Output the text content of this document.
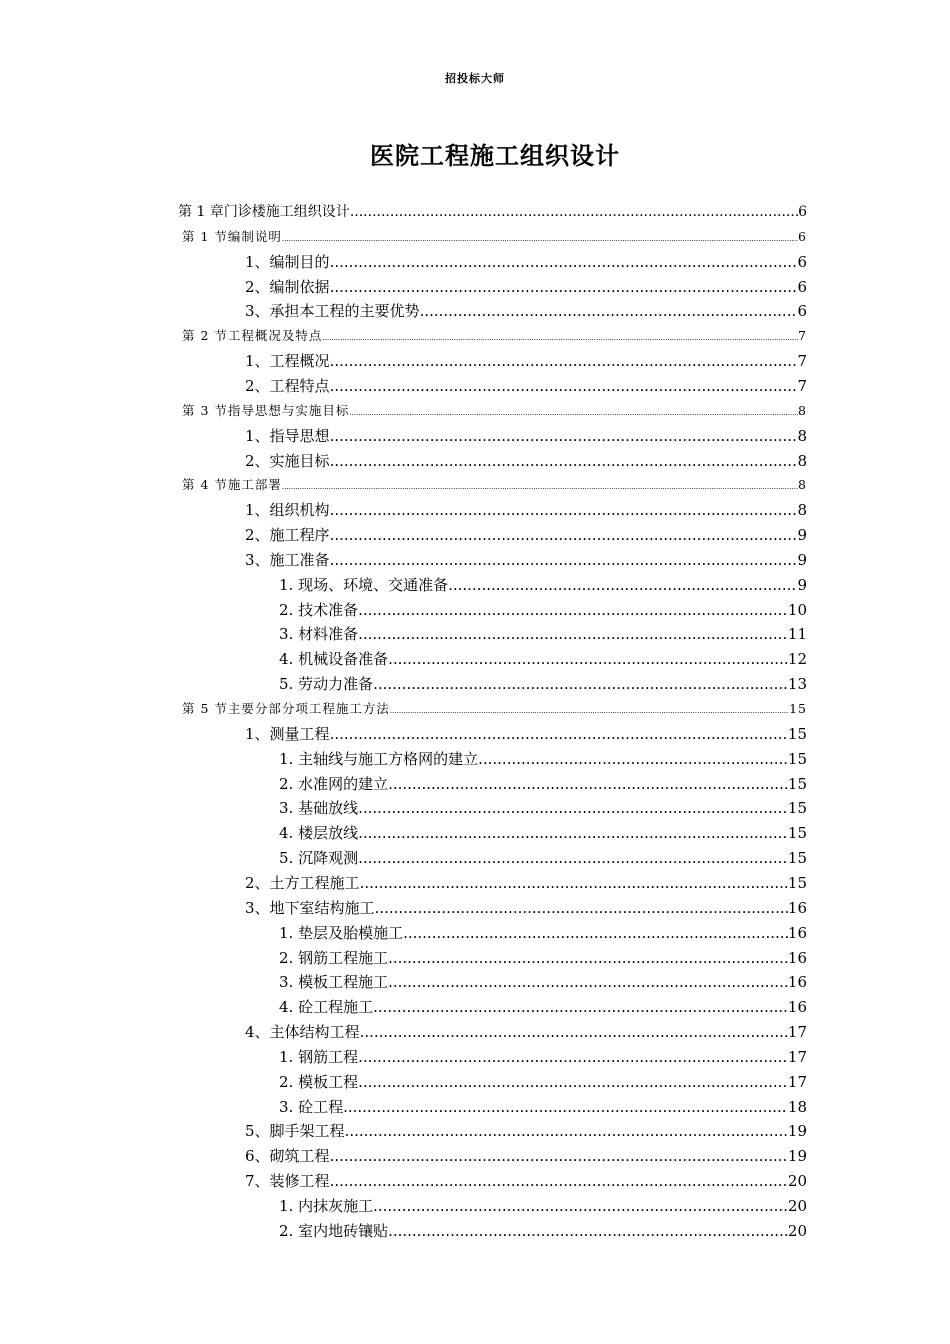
招投标大师
医院工程施工组织设计
第 1 章 门诊楼施工组织设计 .....	6
第 1 节 编制说明 .....	6
1、 编制目的 .....	6
2、 编制依据 .....	6
3、 承担本工程的主要优势 .....	6
第 2 节 工程概况及特点 .....	7
1、 工程概况 .....	7
2、 工程特点 .....	7
第 3 节 指导思想与实施目标 .....	8
1、 指导思想 .....	8
2、 实施目标 .....	8
第 4 节 施工部署 .....	8
1、 组织机构 .....	8
2、 施工程序 .....	9
3、 施工准备 .....	9
1. 现场、环境、交通准备 .....	9
2. 技术准备 .....	10
3. 材料准备 .....	11
4. 机械设备准备 .....	12
5. 劳动力准备 .....	13
第 5 节 主要分部分项工程施工方法 .....	15
1、 测量工程 .....	15
1. 主轴线与施工方格网的建立 .....	15
2. 水准网的建立 .....	15
3. 基础放线 .....	15
4. 楼层放线 .....	15
5. 沉降观测 .....	15
2、 土方工程施工 .....	15
3、 地下室结构施工 .....	16
1. 垫层及胎模施工 .....	16
2. 钢筋工程施工 .....	16
3. 模板工程施工 .....	16
4. 砼工程施工 .....	16
4、 主体结构工程 .....	17
1. 钢筋工程 .....	17
2. 模板工程 .....	17
3. 砼工程 .....	18
5、 脚手架工程 .....	19
6、 砌筑工程 .....	19
7、 装修工程 .....	20
1. 内抹灰施工 .....	20
2. 室内地砖镶贴 .....	20
